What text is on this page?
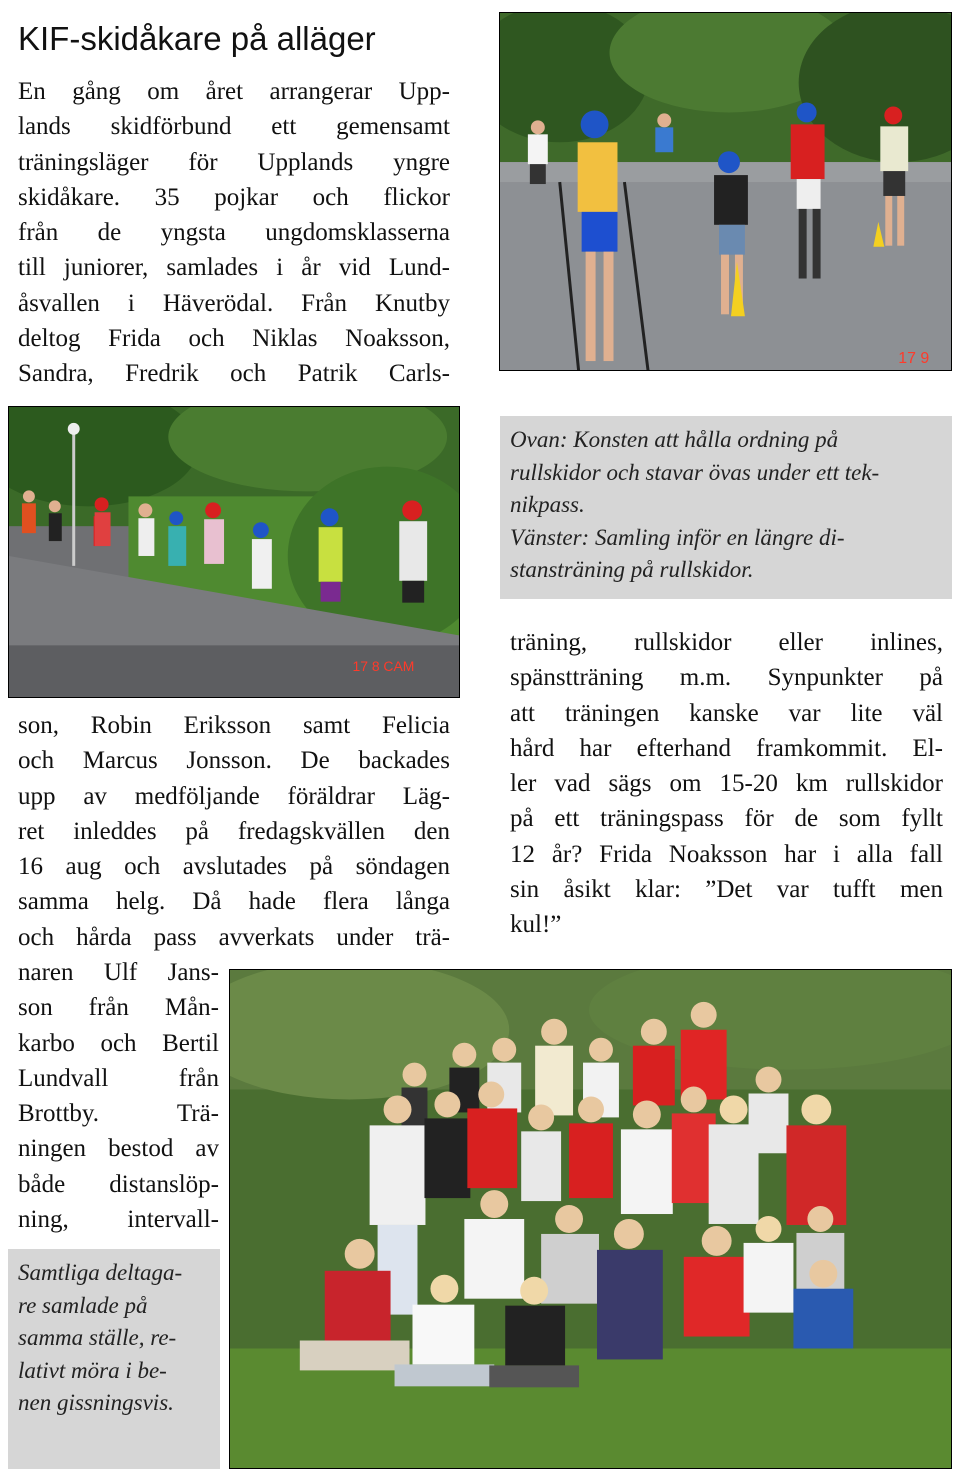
KIF-skidåkare på alläger
En gång om året arrangerar Upp-
lands skidförbund ett gemensamt
träningsläger för Upplands yngre
skidåkare. 35 pojkar och flickor
från de yngsta ungdomsklasserna
till juniorer, samlades i år vid Lund-
åsvallen i Häverödal. Från Knutby
deltog Frida och Niklas Noaksson,
Sandra, Fredrik och Patrik Carls-
17 9
17 8 CAM
Ovan: Konsten att hålla ordning på
rullskidor och stavar övas under ett tek-
nikpass.
Vänster: Samling inför en längre di-
stansträning på rullskidor.
son, Robin Eriksson samt Felicia
och Marcus Jonsson. De backades
upp av medföljande föräldrar Läg-
ret inleddes på fredagskvällen den
16 aug och avslutades på söndagen
samma helg. Då hade flera långa
och hårda pass avverkats under trä-
naren Ulf Jans-
son från Mån-
karbo och Bertil
Lundvall från
Brottby. Trä-
ningen bestod av
både distanslöp-
ning, intervall-
träning, rullskidor eller inlines,
spänstträning m.m. Synpunkter på
att träningen kanske var lite väl
hård har efterhand framkommit. El-
ler vad sägs om 15-20 km rullskidor
på ett träningspass för de som fyllt
12 år? Frida Noaksson har i alla fall
sin åsikt klar: ”Det var tufft men
kul!”
Samtliga deltaga-
re samlade på
samma ställe, re-
lativt möra i be-
nen gissningsvis.
